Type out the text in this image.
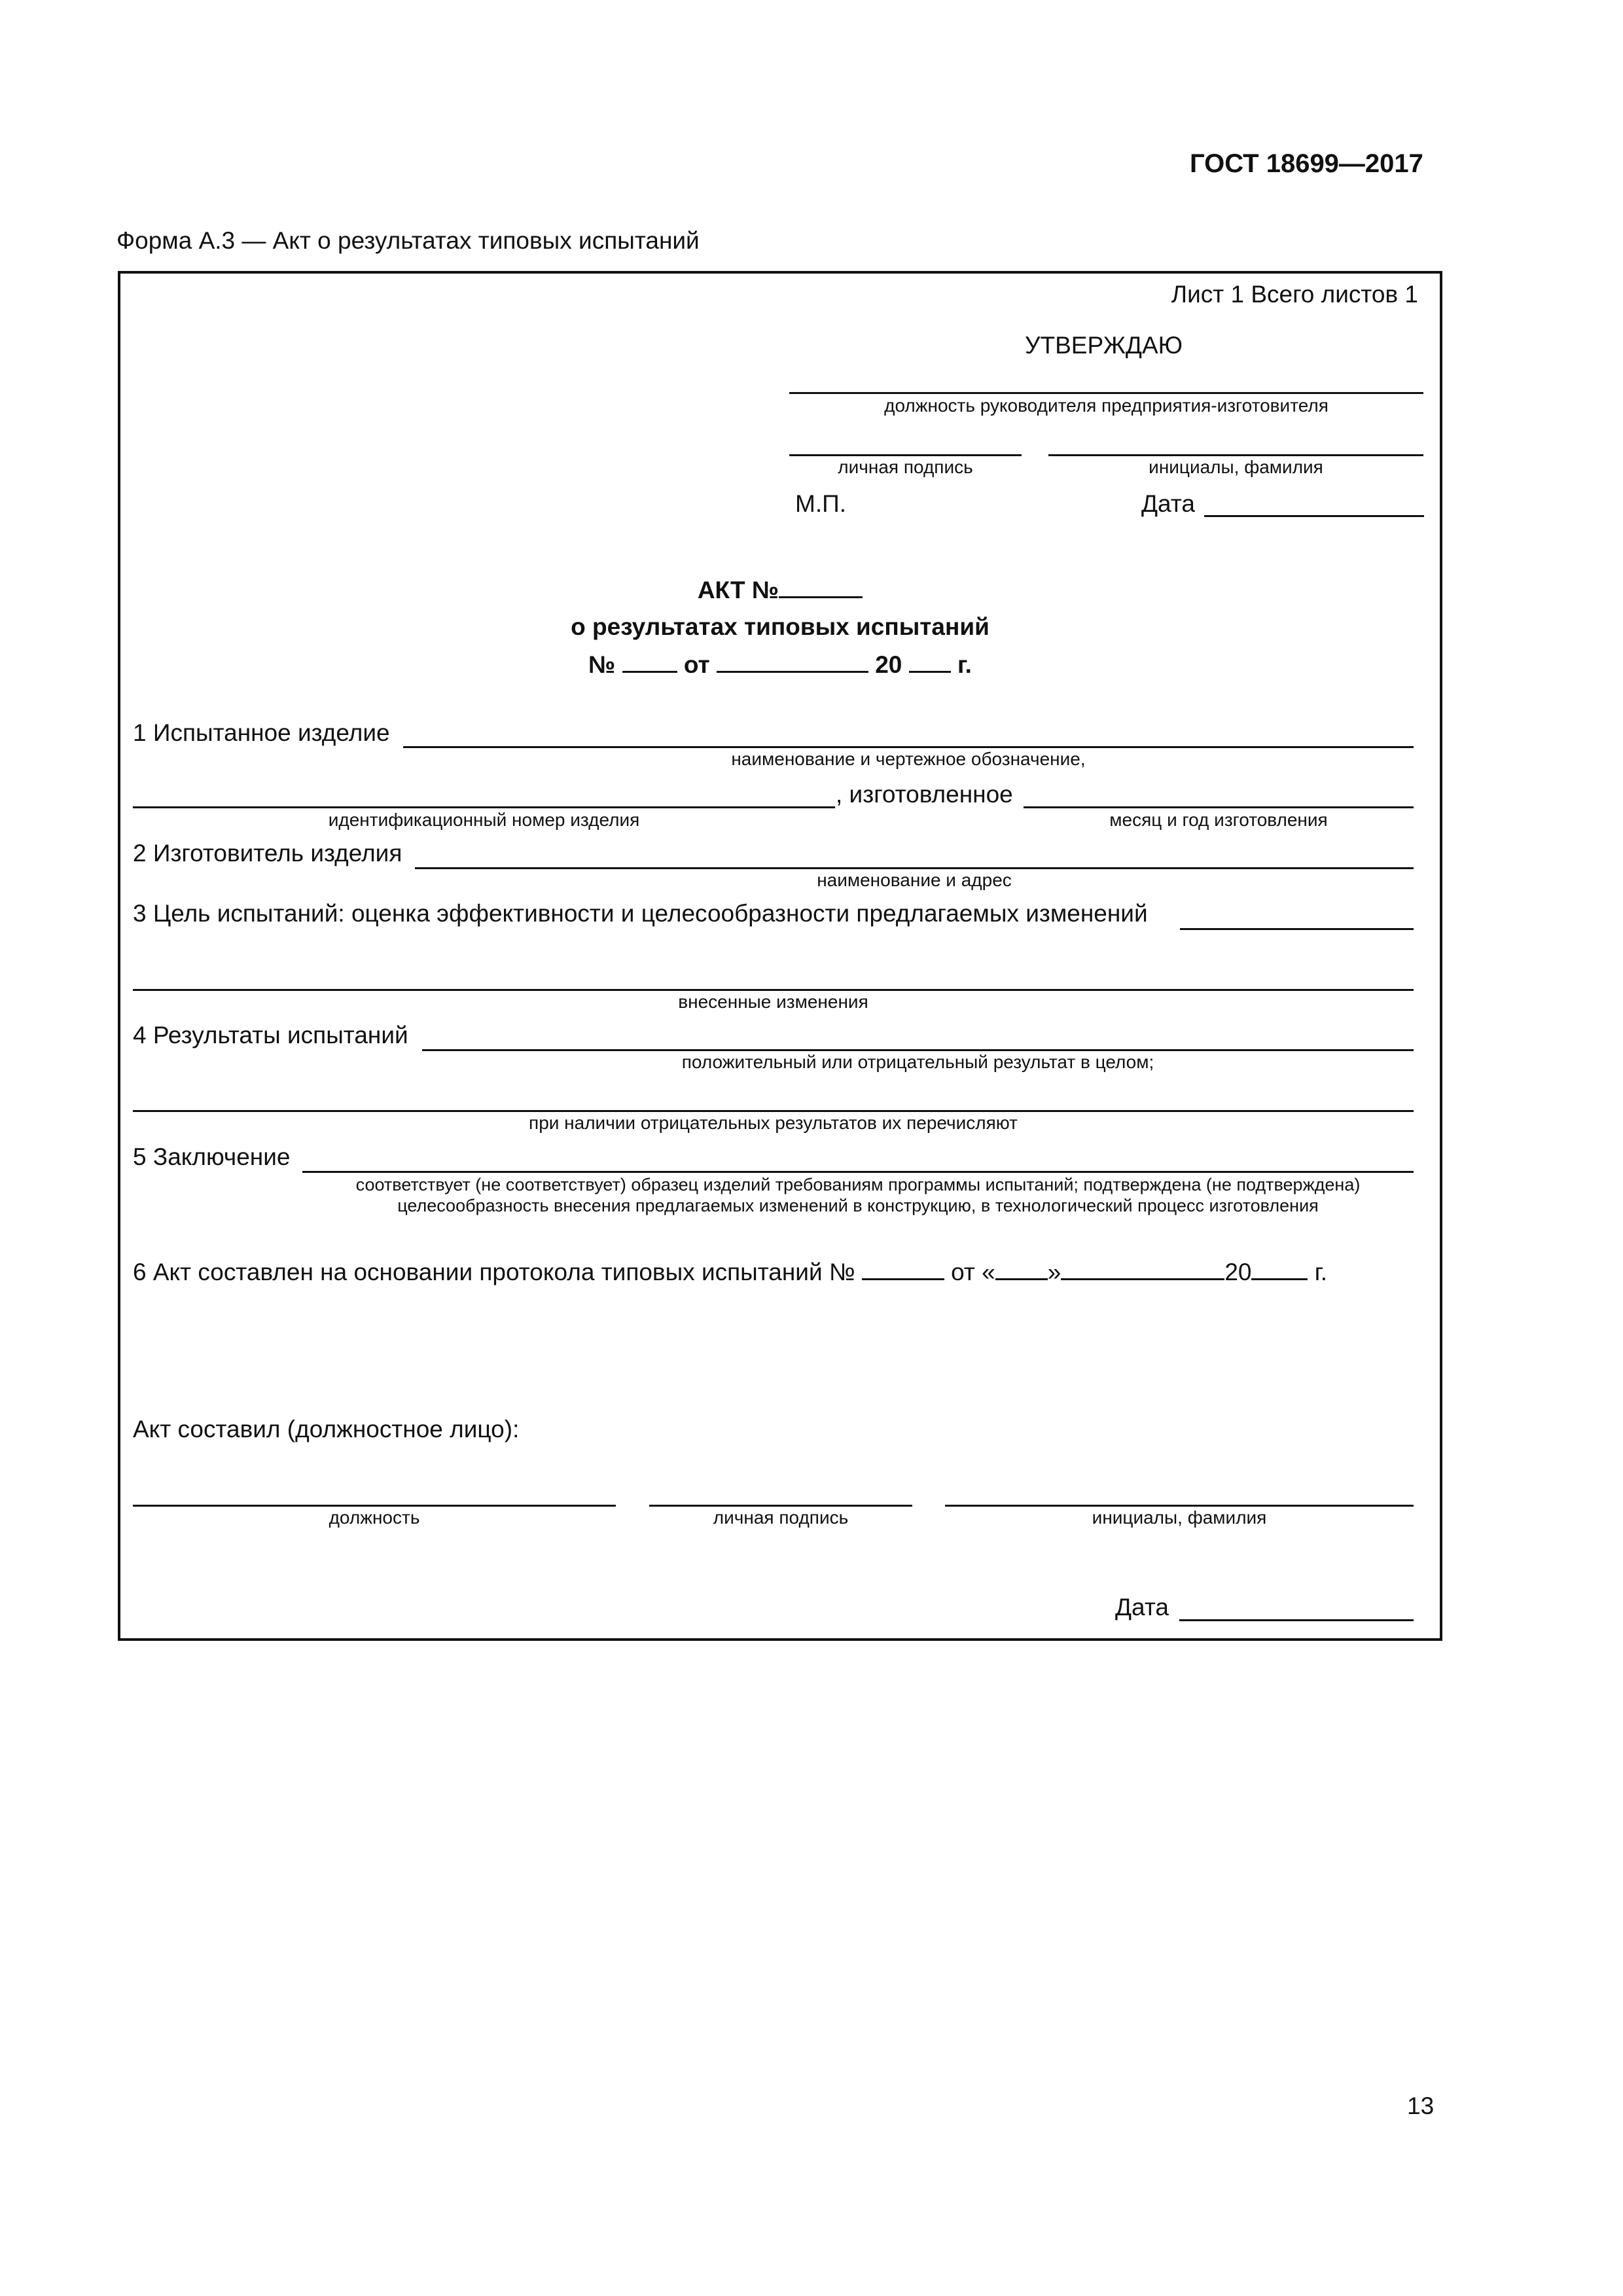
ГОСТ 18699—2017
Форма А.3 — Акт о результатах типовых испытаний
Лист 1 Всего листов 1
УТВЕРЖДАЮ
должность руководителя предприятия-изготовителя
личная подпись	инициалы, фамилия
М.П.	Дата
АКТ №
о результатах типовых испытаний
№	от	20 г.
1 Испытанное изделие
наименование и чертежное обозначение,
, изготовленное
идентификационный номер изделия	месяц и год изготовления
2 Изготовитель изделия
наименование и адрес
3 Цель испытаний: оценка эффективности и целесообразности предлагаемых изменений
внесенные изменения
4 Результаты испытаний
положительный или отрицательный результат в целом;
при наличии отрицательных результатов их перечисляют
5 Заключение
соответствует (не соответствует) образец изделий требованиям программы испытаний; подтверждена (не подтверждена)
целесообразность внесения предлагаемых изменений в конструкцию, в технологический процесс изготовления
6 Акт составлен на основании протокола типовых испытаний №	от « »	20	г.
Акт составил (должностное лицо):
должность	личная подпись	инициалы, фамилия
Дата
13
